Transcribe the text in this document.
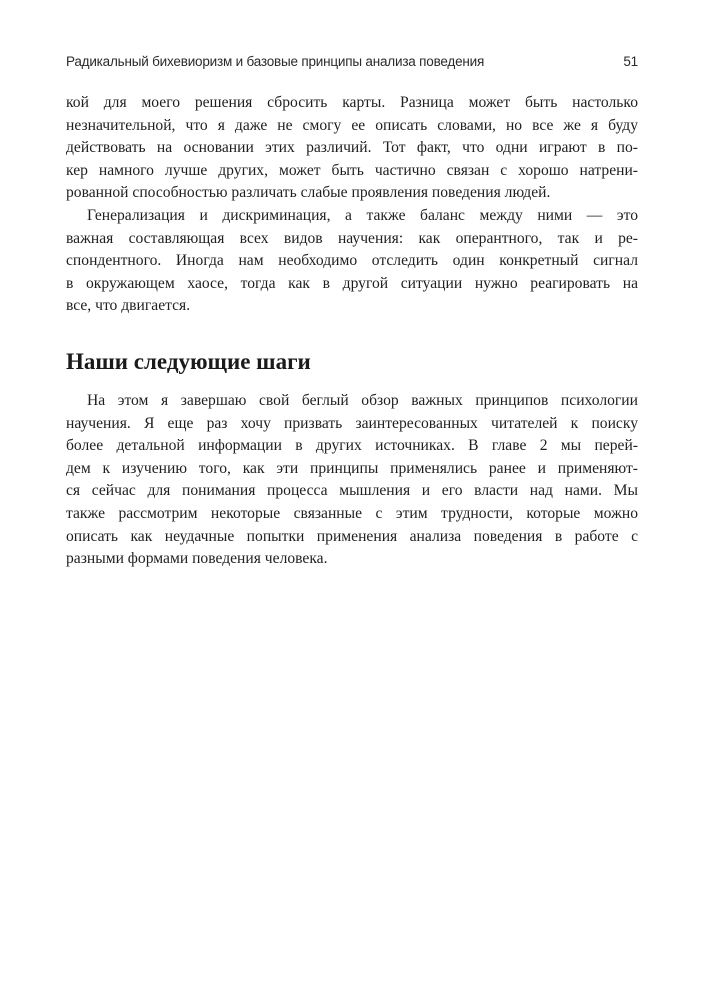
Радикальный бихевиоризм и базовые принципы анализа поведения	51

кой для моего решения сбросить карты. Разница может быть настолько
незначительной, что я даже не смогу ее описать словами, но все же я буду
действовать на основании этих различий. Тот факт, что одни играют в по-
кер намного лучше других, может быть частично связан с хорошо натрени-
рованной способностью различать слабые проявления поведения людей.

Генерализация и дискриминация, а также баланс между ними — это
важная составляющая всех видов научения: как оперантного, так и ре-
спондентного. Иногда нам необходимо отследить один конкретный сигнал
в окружающем хаосе, тогда как в другой ситуации нужно реагировать на
все, что двигается.

Наши следующие шаги

На этом я завершаю свой беглый обзор важных принципов психологии
научения. Я еще раз хочу призвать заинтересованных читателей к поиску
более детальной информации в других источниках. В главе 2 мы перей-
дем к изучению того, как эти принципы применялись ранее и применяют-
ся сейчас для понимания процесса мышления и его власти над нами. Мы
также рассмотрим некоторые связанные с этим трудности, которые можно
описать как неудачные попытки применения анализа поведения в работе с
разными формами поведения человека.
